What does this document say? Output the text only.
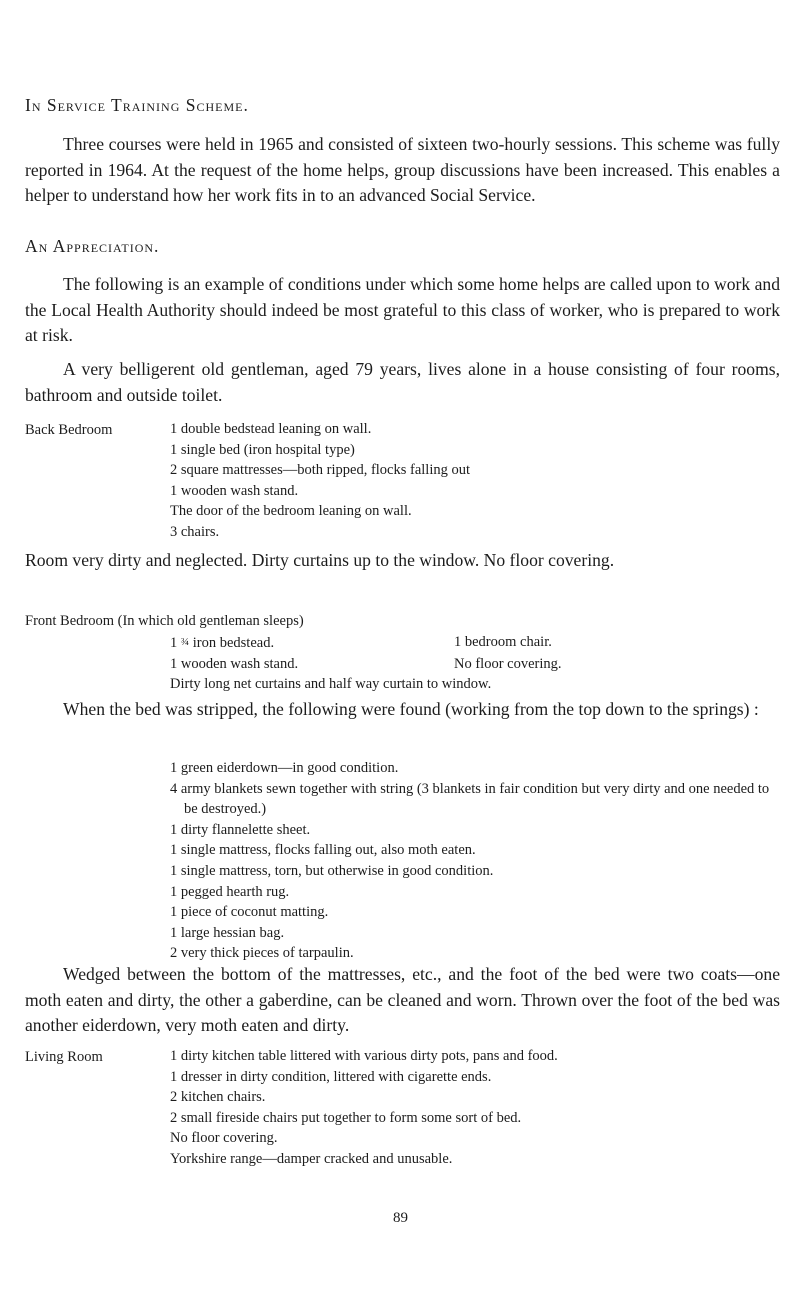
In Service Training Scheme.

Three courses were held in 1965 and consisted of sixteen two-hourly sessions. This scheme was fully reported in 1964. At the request of the home helps, group discussions have been increased. This enables a helper to understand how her work fits in to an advanced Social Service.

An Appreciation.

The following is an example of conditions under which some home helps are called upon to work and the Local Health Authority should indeed be most grateful to this class of worker, who is prepared to work at risk.

A very belligerent old gentleman, aged 79 years, lives alone in a house consisting of four rooms, bathroom and outside toilet.

Back Bedroom	1 double bedstead leaning on wall.
1 single bed (iron hospital type)
2 square mattresses—both ripped, flocks falling out
1 wooden wash stand.
The door of the bedroom leaning on wall.
3 chairs.

Room very dirty and neglected. Dirty curtains up to the window. No floor covering.

Front Bedroom (In which old gentleman sleeps)
1 ¾ iron bedstead.	1 bedroom chair.
1 wooden wash stand.	No floor covering.
Dirty long net curtains and half way curtain to window.

When the bed was stripped, the following were found (working from the top down to the springs) :

1 green eiderdown—in good condition.
4 army blankets sewn together with string (3 blankets in fair condition but very dirty and one needed to be destroyed.)
1 dirty flannelette sheet.
1 single mattress, flocks falling out, also moth eaten.
1 single mattress, torn, but otherwise in good condition.
1 pegged hearth rug.
1 piece of coconut matting.
1 large hessian bag.
2 very thick pieces of tarpaulin.

Wedged between the bottom of the mattresses, etc., and the foot of the bed were two coats—one moth eaten and dirty, the other a gaberdine, can be cleaned and worn. Thrown over the foot of the bed was another eiderdown, very moth eaten and dirty.

Living Room	1 dirty kitchen table littered with various dirty pots, pans and food.
1 dresser in dirty condition, littered with cigarette ends.
2 kitchen chairs.
2 small fireside chairs put together to form some sort of bed.
No floor covering.
Yorkshire range—damper cracked and unusable.

89
